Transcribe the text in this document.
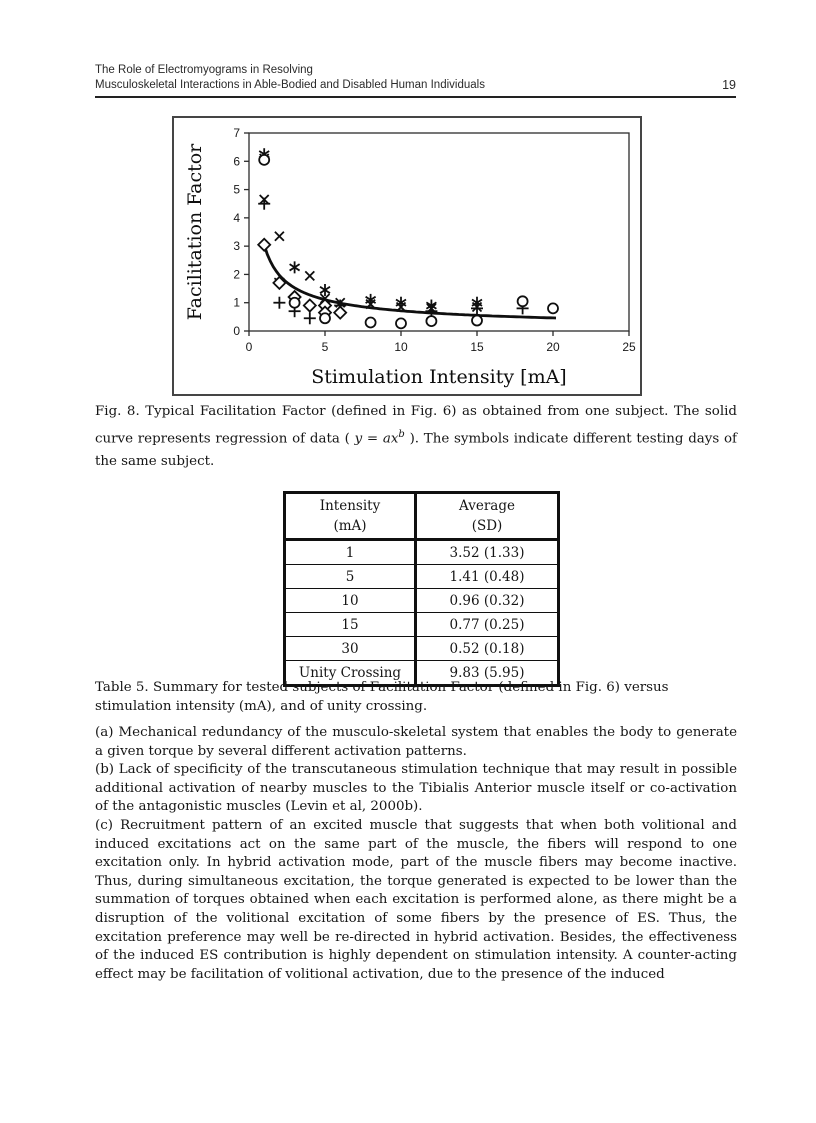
The Role of Electromyograms in Resolving
Musculoskeletal Interactions in Able-Bodied and Disabled Human Individuals	19
0
1
2
3
4
5
6
7
0	5	10	15	20	25
Stimulation Intensity [mA]
Facilitation Factor

Fig. 8. Typical Facilitation Factor (defined in Fig. 6) as obtained from one subject. The solid curve represents regression of data ( $y = ax^b$ ). The symbols indicate different testing days of the same subject.

Intensity
(mA)

Average
(SD)

1	3.52 (1.33)
5	1.41 (0.48)
10	0.96 (0.32)
15	0.77 (0.25)
30	0.52 (0.18)
Unity Crossing	9.83 (5.95)

Table 5. Summary for tested subjects of Facilitation Factor (defined in Fig. 6) versus stimulation intensity (mA), and of unity crossing.

(a) Mechanical redundancy of the musculo-skeletal system that enables the body to generate a given torque by several different activation patterns.

(b) Lack of specificity of the transcutaneous stimulation technique that may result in possible additional activation of nearby muscles to the Tibialis Anterior muscle itself or co-activation of the antagonistic muscles (Levin et al, 2000b).

(c) Recruitment pattern of an excited muscle that suggests that when both volitional and induced excitations act on the same part of the muscle, the fibers will respond to one excitation only. In hybrid activation mode, part of the muscle fibers may become inactive. Thus, during simultaneous excitation, the torque generated is expected to be lower than the summation of torques obtained when each excitation is performed alone, as there might be a disruption of the volitional excitation of some fibers by the presence of ES. Thus, the excitation preference may well be re-directed in hybrid activation. Besides, the effectiveness of the induced ES contribution is highly dependent on stimulation intensity. A counter-acting effect may be facilitation of volitional activation, due to the presence of the induced
